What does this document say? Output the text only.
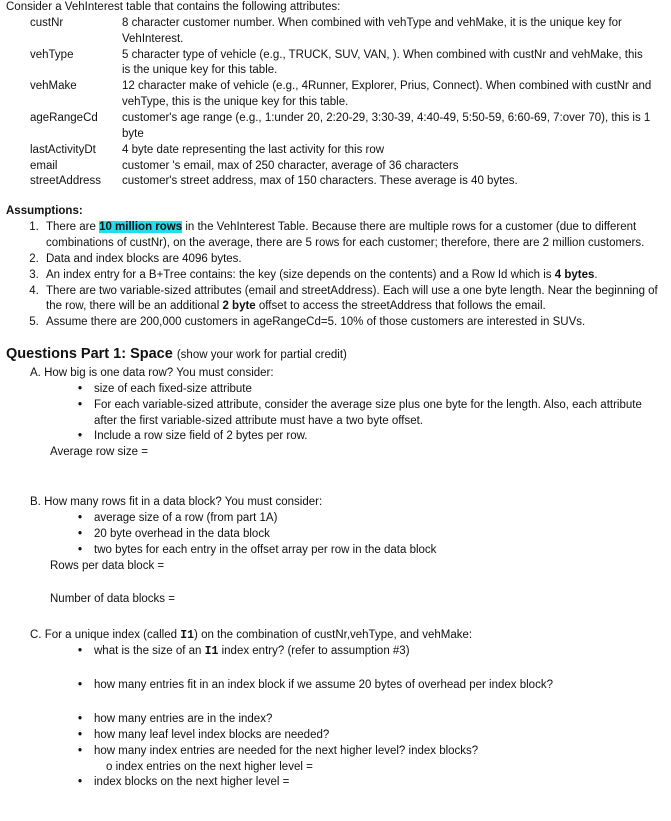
Consider a VehInterest table that contains the following attributes:

custNr	8 character customer number. When combined with vehType and vehMake, it is the unique key for VehInterest.
vehType	5 character type of vehicle (e.g., TRUCK, SUV, VAN, ). When combined with custNr and vehMake, this is the unique key for this table.
vehMake	12 character make of vehicle (e.g., 4Runner, Explorer, Prius, Connect). When combined with custNr and vehType, this is the unique key for this table.
ageRangeCd	customer's age range (e.g., 1:under 20, 2:20-29, 3:30-39, 4:40-49, 5:50-59, 6:60-69, 7:over 70), this is 1 byte
lastActivityDt	4 byte date representing the last activity for this row
email	customer 's email, max of 250 character, average of 36 characters
streetAddress	customer's street address, max of 150 characters. These average is 40 bytes.
Assumptions:
1. There are 10 million rows in the VehInterest Table. Because there are multiple rows for a customer (due to different combinations of custNr), on the average, there are 5 rows for each customer; therefore, there are 2 million customers.
2. Data and index blocks are 4096 bytes.
3. An index entry for a B+Tree contains: the key (size depends on the contents) and a Row Id which is 4 bytes.
4. There are two variable-sized attributes (email and streetAddress). Each will use a one byte length. Near the beginning of the row, there will be an additional 2 byte offset to access the streetAddress that follows the email.
5. Assume there are 200,000 customers in ageRangeCd=5. 10% of those customers are interested in SUVs.
Questions Part 1: Space (show your work for partial credit)
A. How big is one data row? You must consider:
• size of each fixed-size attribute
• For each variable-sized attribute, consider the average size plus one byte for the length. Also, each attribute after the first variable-sized attribute must have a two byte offset.
• Include a row size field of 2 bytes per row.
Average row size =
B. How many rows fit in a data block? You must consider:
• average size of a row (from part 1A)
• 20 byte overhead in the data block
• two bytes for each entry in the offset array per row in the data block
Rows per data block =
Number of data blocks =
C. For a unique index (called I1) on the combination of custNr,vehType, and vehMake:
• what is the size of an I1 index entry? (refer to assumption #3)
• how many entries fit in an index block if we assume 20 bytes of overhead per index block?
• how many entries are in the index?
• how many leaf level index blocks are needed?
• how many index entries are needed for the next higher level? index blocks?
o index entries on the next higher level =
• index blocks on the next higher level =
